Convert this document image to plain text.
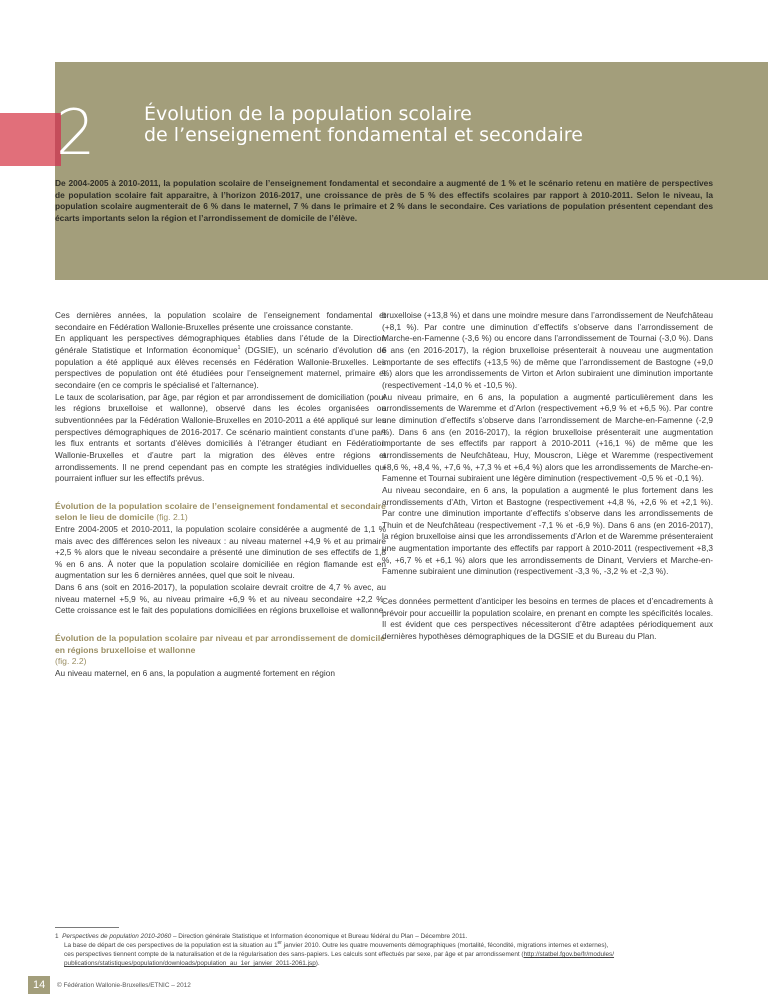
2	Évolution de la population scolaire
de l’enseignement fondamental et secondaire
De 2004-2005 à 2010-2011, la population scolaire de l’enseignement fondamental et secondaire a augmenté de 1 % et le scénario retenu en matière de perspectives de population scolaire fait apparaitre, à l’horizon 2016-2017, une croissance de près de 5 % des effectifs scolaires par rapport à 2010-2011. Selon le niveau, la population scolaire augmenterait de 6 % dans le maternel, 7 % dans le primaire et 2 % dans le secondaire. Ces variations de population présentent cependant des écarts importants selon la région et l’arrondissement de domicile de l’élève.

Ces dernières années, la population scolaire de l’enseignement fondamental et secondaire en Fédération Wallonie-Bruxelles présente une croissance constante.

En appliquant les perspectives démographiques établies dans l’étude de la Direction générale Statistique et Information économique$^1$ (DGSIE), un scénario d’évolution de population a été appliqué aux élèves recensés en Fédération Wallonie-Bruxelles. Les perspectives de population ont été étudiées pour l’enseignement maternel, primaire et secondaire (en ce compris le spécialisé et l’alternance).

Le taux de scolarisation, par âge, par région et par arrondissement de domiciliation (pour les régions bruxelloise et wallonne), observé dans les écoles organisées ou subventionnées par la Fédération Wallonie-Bruxelles en 2010-2011 a été appliqué sur les perspectives démographiques de 2016-2017. Ce scénario maintient constants d’une part les flux entrants et sortants d’élèves domiciliés à l’étranger étudiant en Fédération Wallonie-Bruxelles et d’autre part la migration des élèves entre régions et arrondissements. Il ne prend cependant pas en compte les stratégies individuelles qui pourraient influer sur les effectifs prévus.

Évolution de la population scolaire de l’enseignement fondamental et secondaire selon le lieu de domicile (fig. 2.1)

Entre 2004-2005 et 2010-2011, la population scolaire considérée a augmenté de 1,1 % mais avec des différences selon les niveaux : au niveau maternel +4,9 % et au primaire +2,5 % alors que le niveau secondaire a présenté une diminution de ses effectifs de 1,8 % en 6 ans. À noter que la population scolaire domiciliée en région flamande est en augmentation sur les 6 dernières années, quel que soit le niveau.

Dans 6 ans (soit en 2016-2017), la population scolaire devrait croitre de 4,7 % avec, au niveau maternel +5,9 %, au niveau primaire +6,9 % et au niveau secondaire +2,2 %. Cette croissance est le fait des populations domiciliées en régions bruxelloise et wallonne.

Évolution de la population scolaire par niveau et par arrondissement de domicile en régions bruxelloise et wallonne
(fig. 2.2)

Au niveau maternel, en 6 ans, la population a augmenté fortement en région

bruxelloise (+13,8 %) et dans une moindre mesure dans l’arrondissement de Neufchâteau (+8,1 %). Par contre une diminution d’effectifs s’observe dans l’arrondissement de Marche-en-Famenne (-3,6 %) ou encore dans l’arrondissement de Tournai (-3,0 %). Dans 6 ans (en 2016-2017), la région bruxelloise présenterait à nouveau une augmentation importante de ses effectifs (+13,5 %) de même que l’arrondissement de Bastogne (+9,0 %) alors que les arrondissements de Virton et Arlon subiraient une diminution importante (respectivement -14,0 % et -10,5 %).

Au niveau primaire, en 6 ans, la population a augmenté particulièrement dans les arrondissements de Waremme et d’Arlon (respectivement +6,9 % et +6,5 %). Par contre une diminution d’effectifs s’observe dans l’arrondissement de Marche-en-Famenne (-2,9 %). Dans 6 ans (en 2016-2017), la région bruxelloise présenterait une augmentation importante de ses effectifs par rapport à 2010-2011 (+16,1 %) de même que les arrondissements de Neufchâteau, Huy, Mouscron, Liège et Waremme (respectivement +8,6 %, +8,4 %, +7,6 %, +7,3 % et +6,4 %) alors que les arrondissements de Marche-en-Famenne et Tournai subiraient une légère diminution (respectivement -0,5 % et -0,1 %).

Au niveau secondaire, en 6 ans, la population a augmenté le plus fortement dans les arrondissements d’Ath, Virton et Bastogne (respectivement +4,8 %, +2,6 % et +2,1 %). Par contre une diminution importante d’effectifs s’observe dans les arrondissements de Thuin et de Neufchâteau (respectivement -7,1 % et -6,9 %). Dans 6 ans (en 2016-2017), la région bruxelloise ainsi que les arrondissements d’Arlon et de Waremme présenteraient une augmentation importante des effectifs par rapport à 2010-2011 (respectivement +8,3 %, +6,7 % et +6,1 %) alors que les arrondissements de Dinant, Verviers et Marche-en-Famenne subiraient une diminution (respectivement -3,3 %, -3,2 % et -2,3 %).

Ces données permettent d’anticiper les besoins en termes de places et d’encadrements à prévoir pour accueillir la population scolaire, en prenant en compte les spécificités locales. Il est évident que ces perspectives nécessiteront d’être adaptées périodiquement aux dernières hypothèses démographiques de la DGSIE et du Bureau du Plan.

1 Perspectives de population 2010-2060 – Direction générale Statistique et Information économique et Bureau fédéral du Plan – Décembre 2011.
La base de départ de ces perspectives de la population est la situation au 1er janvier 2010. Outre les quatre mouvements démographiques (mortalité, fécondité, migrations internes et externes),
ces perspectives tiennent compte de la naturalisation et de la régularisation des sans-papiers. Les calculs sont effectués par sexe, par âge et par arrondissement (http://statbel.fgov.be/fr/modules/
publications/statistiques/population/downloads/population_au_1er_janvier_2011-2061.jsp).
14 © Fédération Wallonie-Bruxelles/ETNIC – 2012
